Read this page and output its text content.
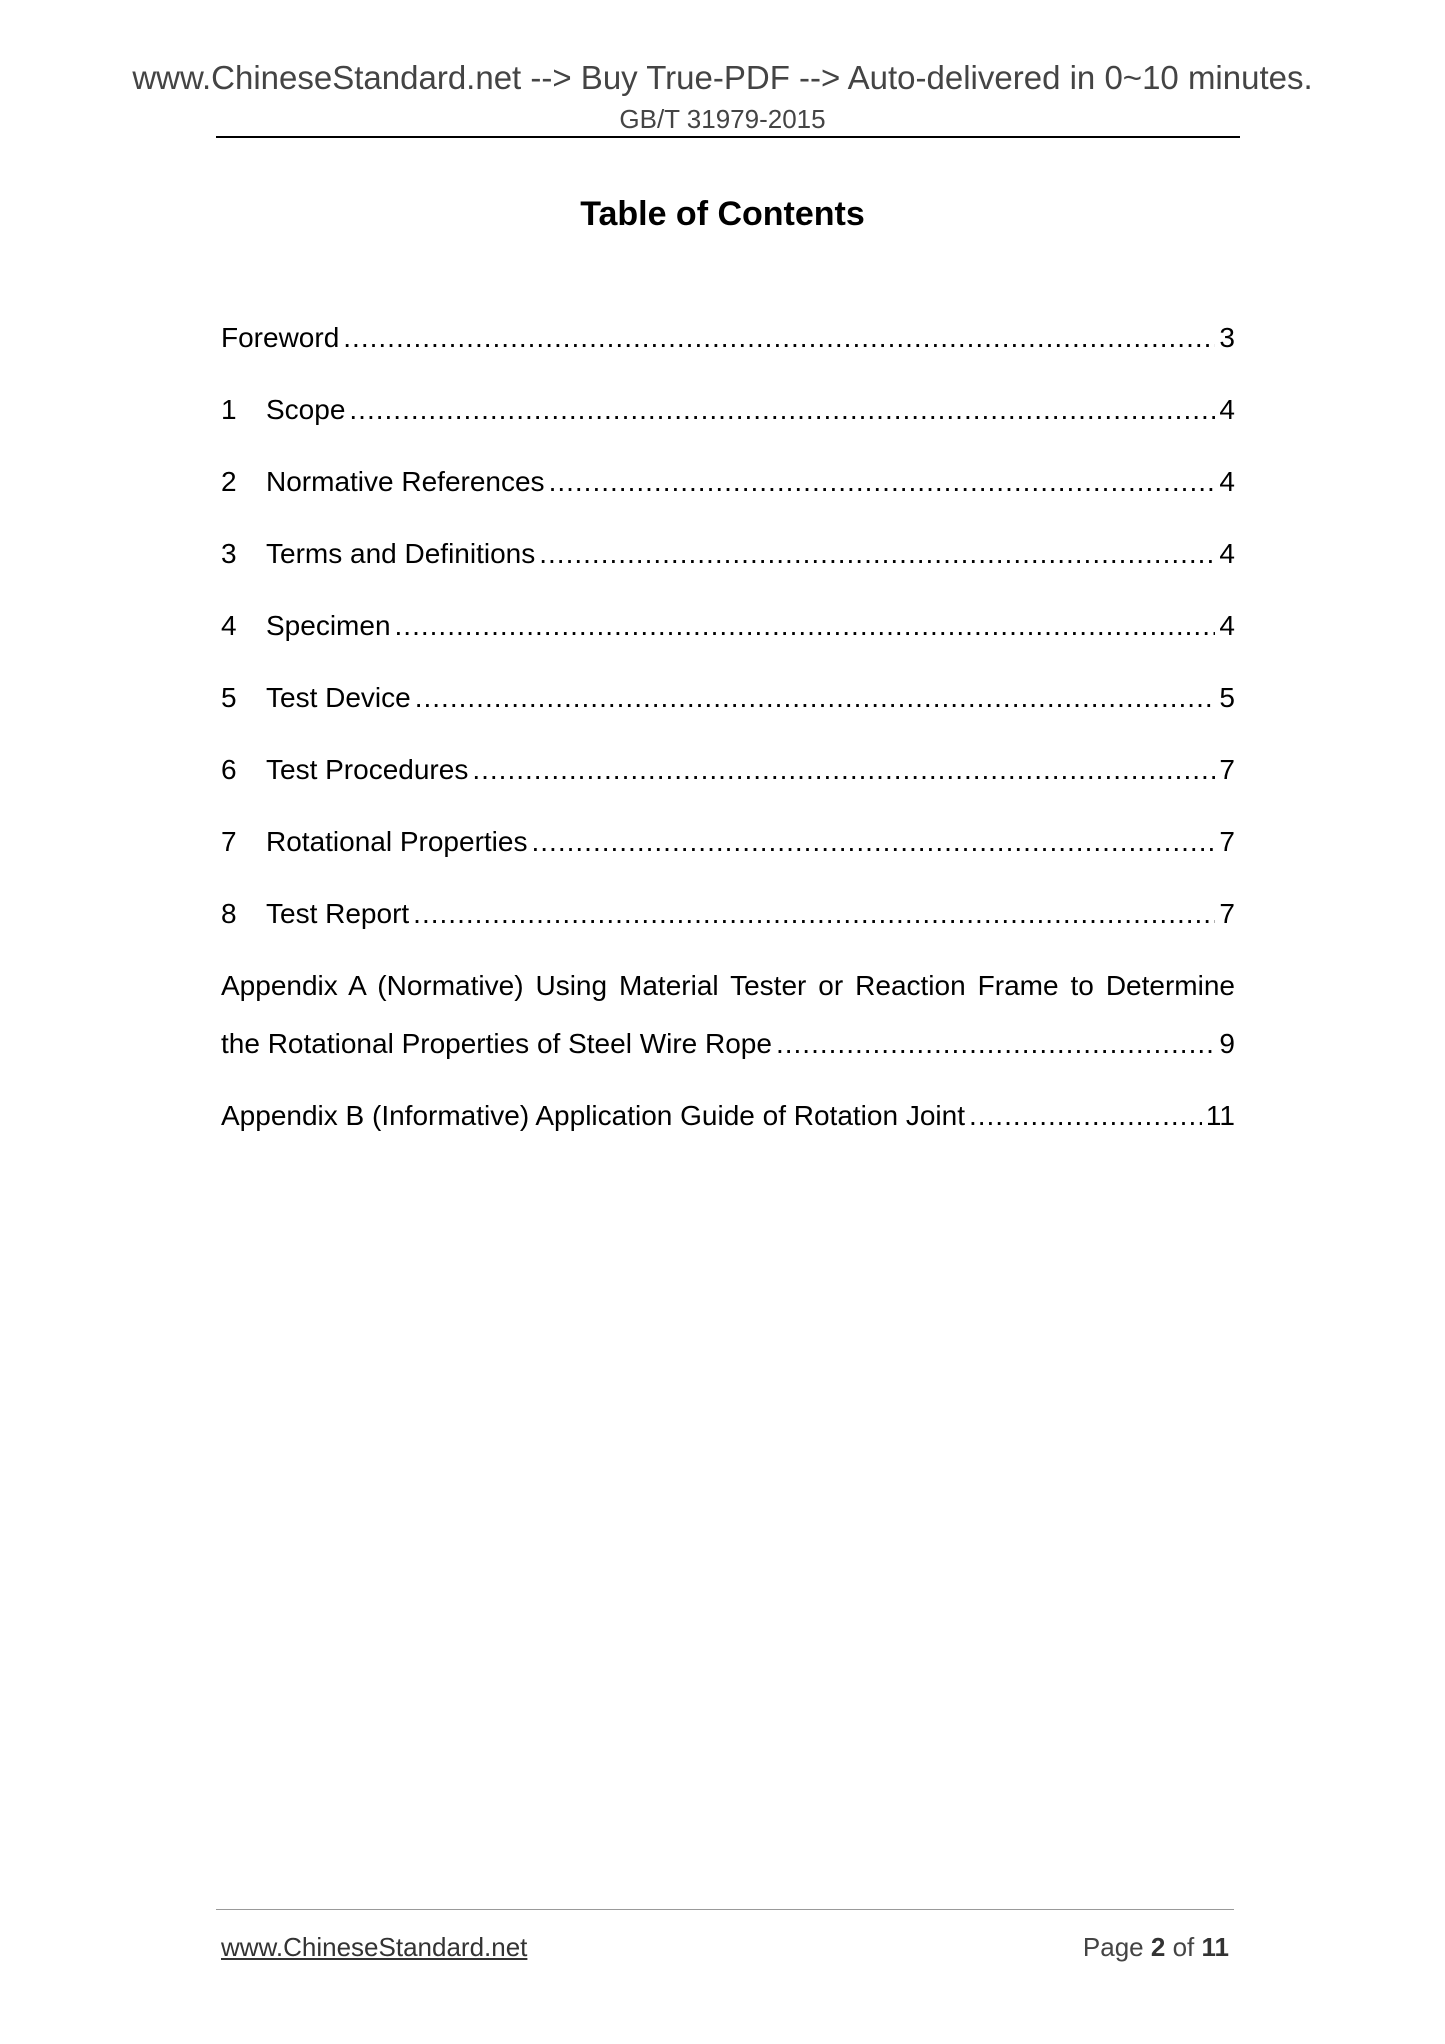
www.ChineseStandard.net --> Buy True-PDF --> Auto-delivered in 0~10 minutes.
GB/T 31979-2015
Table of Contents
Foreword .....	3
1	Scope .....	4
2	Normative References .....	4
3	Terms and Definitions .....	4
4	Specimen .....	4
5	Test Device .....	5
6	Test Procedures .....	7
7	Rotational Properties .....	7
8	Test Report .....	7
Appendix A (Normative) Using Material Tester or Reaction Frame to Determine
the Rotational Properties of Steel Wire Rope .....	9
Appendix B (Informative) Application Guide of Rotation Joint .....	11
www.ChineseStandard.net	Page 2 of 11
